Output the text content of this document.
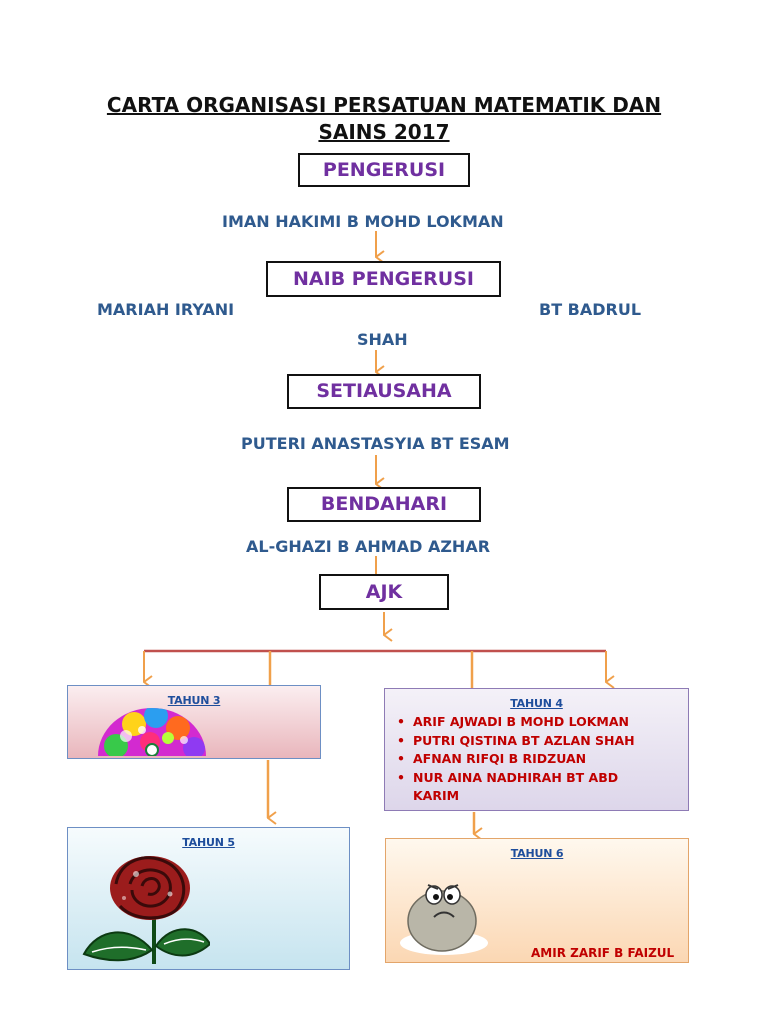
CARTA ORGANISASI PERSATUAN MATEMATIK DAN
SAINS 2017
PENGERUSI
IMAN HAKIMI B MOHD LOKMAN
NAIB PENGERUSI
MARIAH IRYANI	BT BADRUL
SHAH
SETIAUSAHA
PUTERI ANASTASYIA BT ESAM
BENDAHARI
AL-GHAZI B AHMAD AZHAR
AJK
TAHUN 3	TAHUN 4
• ARIF AJWADI B MOHD LOKMAN
• PUTRI QISTINA BT AZLAN SHAH
• AFNAN RIFQI B RIDZUAN
• NUR AINA NADHIRAH BT ABD
KARIM
TAHUN 5
TAHUN 6
AMIR ZARIF B FAIZUL
